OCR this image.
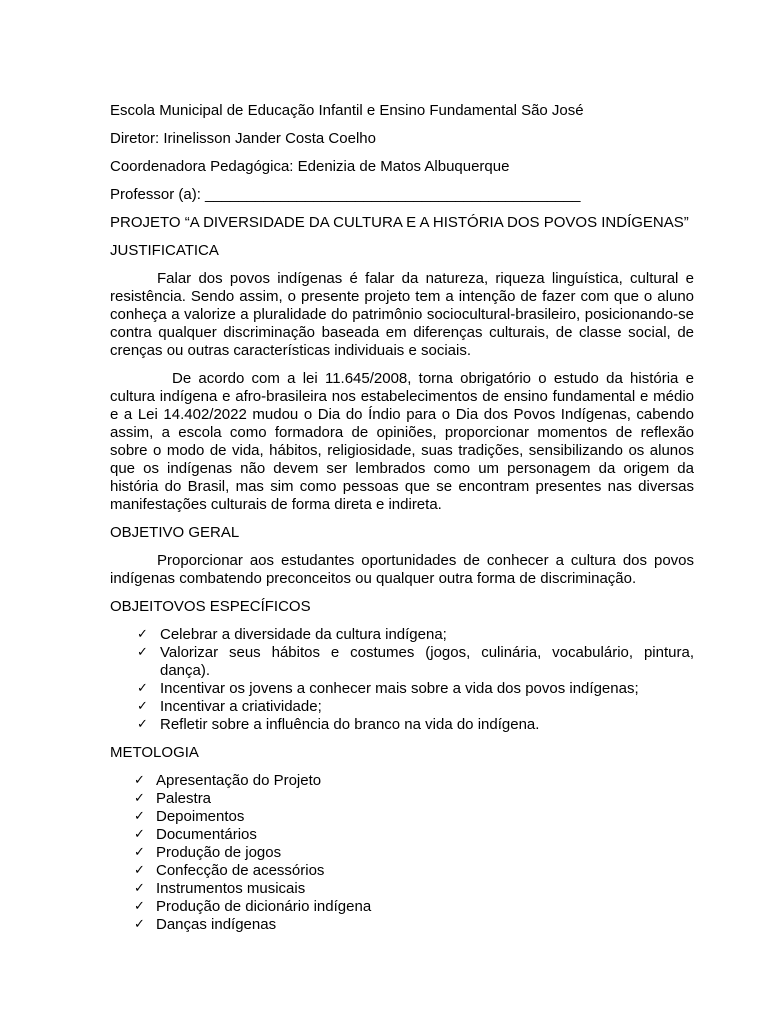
Escola Municipal de Educação Infantil e Ensino Fundamental São José

Diretor: Irinelisson Jander Costa Coelho

Coordenadora Pedagógica: Edenizia de Matos Albuquerque

Professor (a): _____________________________________________

PROJETO “A DIVERSIDADE DA CULTURA E A HISTÓRIA DOS POVOS INDÍGENAS”

JUSTIFICATICA

Falar dos povos indígenas é falar da natureza, riqueza linguística, cultural e resistência. Sendo assim, o presente projeto tem a intenção de fazer com que o aluno conheça a valorize a pluralidade do patrimônio sociocultural-brasileiro, posicionando-se contra qualquer discriminação baseada em diferenças culturais, de classe social, de crenças ou outras características individuais e sociais.

De acordo com a lei 11.645/2008, torna obrigatório o estudo da história e cultura indígena e afro-brasileira nos estabelecimentos de ensino fundamental e médio e a Lei 14.402/2022 mudou o Dia do Índio para o Dia dos Povos Indígenas, cabendo assim, a escola como formadora de opiniões, proporcionar momentos de reflexão sobre o modo de vida, hábitos, religiosidade, suas tradições, sensibilizando os alunos que os indígenas não devem ser lembrados como um personagem da origem da história do Brasil, mas sim como pessoas que se encontram presentes nas diversas manifestações culturais de forma direta e indireta.

OBJETIVO GERAL

Proporcionar aos estudantes oportunidades de conhecer a cultura dos povos indígenas combatendo preconceitos ou qualquer outra forma de discriminação.

OBJEITOVOS ESPECÍFICOS

✓ Celebrar a diversidade da cultura indígena;
✓ Valorizar seus hábitos e costumes (jogos, culinária, vocabulário, pintura, dança).
✓ Incentivar os jovens a conhecer mais sobre a vida dos povos indígenas;
✓ Incentivar a criatividade;
✓ Refletir sobre a influência do branco na vida do indígena.

METOLOGIA

✓ Apresentação do Projeto
✓ Palestra
✓ Depoimentos
✓ Documentários
✓ Produção de jogos
✓ Confecção de acessórios
✓ Instrumentos musicais
✓ Produção de dicionário indígena
✓ Danças indígenas
